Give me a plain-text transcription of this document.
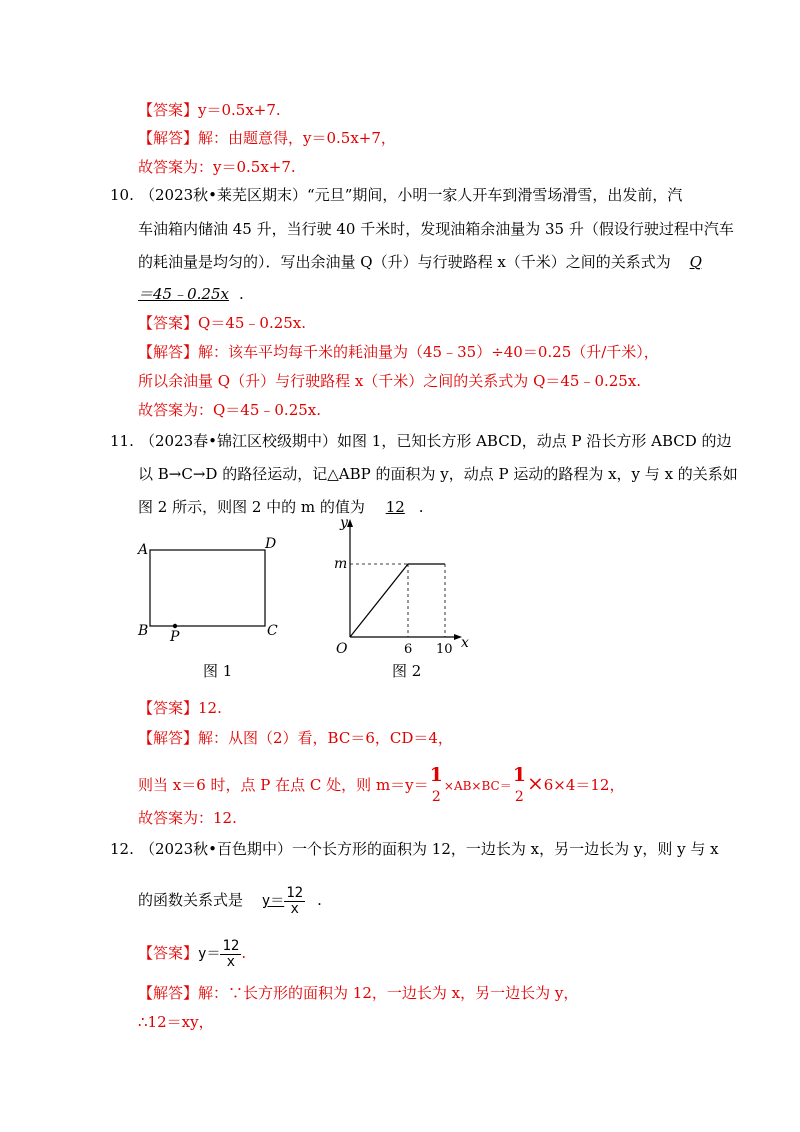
【答案】y＝0.5x+7.
【解答】解：由题意得，y＝0.5x+7，
故答案为：y＝0.5x+7.
10. （2023秋•莱芜区期末）“元旦”期间，小明一家人开车到滑雪场滑雪，出发前，汽
车油箱内储油 45 升，当行驶 40 千米时，发现油箱余油量为 35 升（假设行驶过程中汽车
的耗油量是均匀的）．写出余油量 Q（升）与行驶路程 x（千米）之间的关系式为 Q
＝45﹣0.25x .
【答案】Q＝45﹣0.25x.
【解答】解：该车平均每千米的耗油量为（45﹣35）÷40＝0.25（升/千米），
所以余油量 Q（升）与行驶路程 x（千米）之间的关系式为 Q＝45﹣0.25x.
故答案为：Q＝45﹣0.25x.
11. （2023春•锦江区校级期中）如图 1，已知长方形 ABCD，动点 P 沿长方形 ABCD 的边
以 B→C→D 的路径运动，记△ABP 的面积为 y，动点 P 运动的路程为 x，y 与 x 的关系如
图 2 所示，则图 2 中的 m 的值为 12 .
A	D
B P	C
图 1
y
x
O
m
6 10
图 2
【答案】12.
【解答】解：从图（2）看，BC＝6，CD＝4，
则当 x＝6 时，点 P 在点 C 处，则 m＝y＝ 1
2
×AB×BC＝ 1
2
×6×4＝12，
故答案为：12.
12. （2023秋•百色期中）一个长方形的面积为 12，一边长为 x，另一边长为 y，则 y 与 x
的函数关系式是 $y= \frac{12}{x}$ .
【答案】$y= \frac{12}{x}$ .
【解答】解：∵长方形的面积为 12，一边长为 x，另一边长为 y，
∴12＝xy，
